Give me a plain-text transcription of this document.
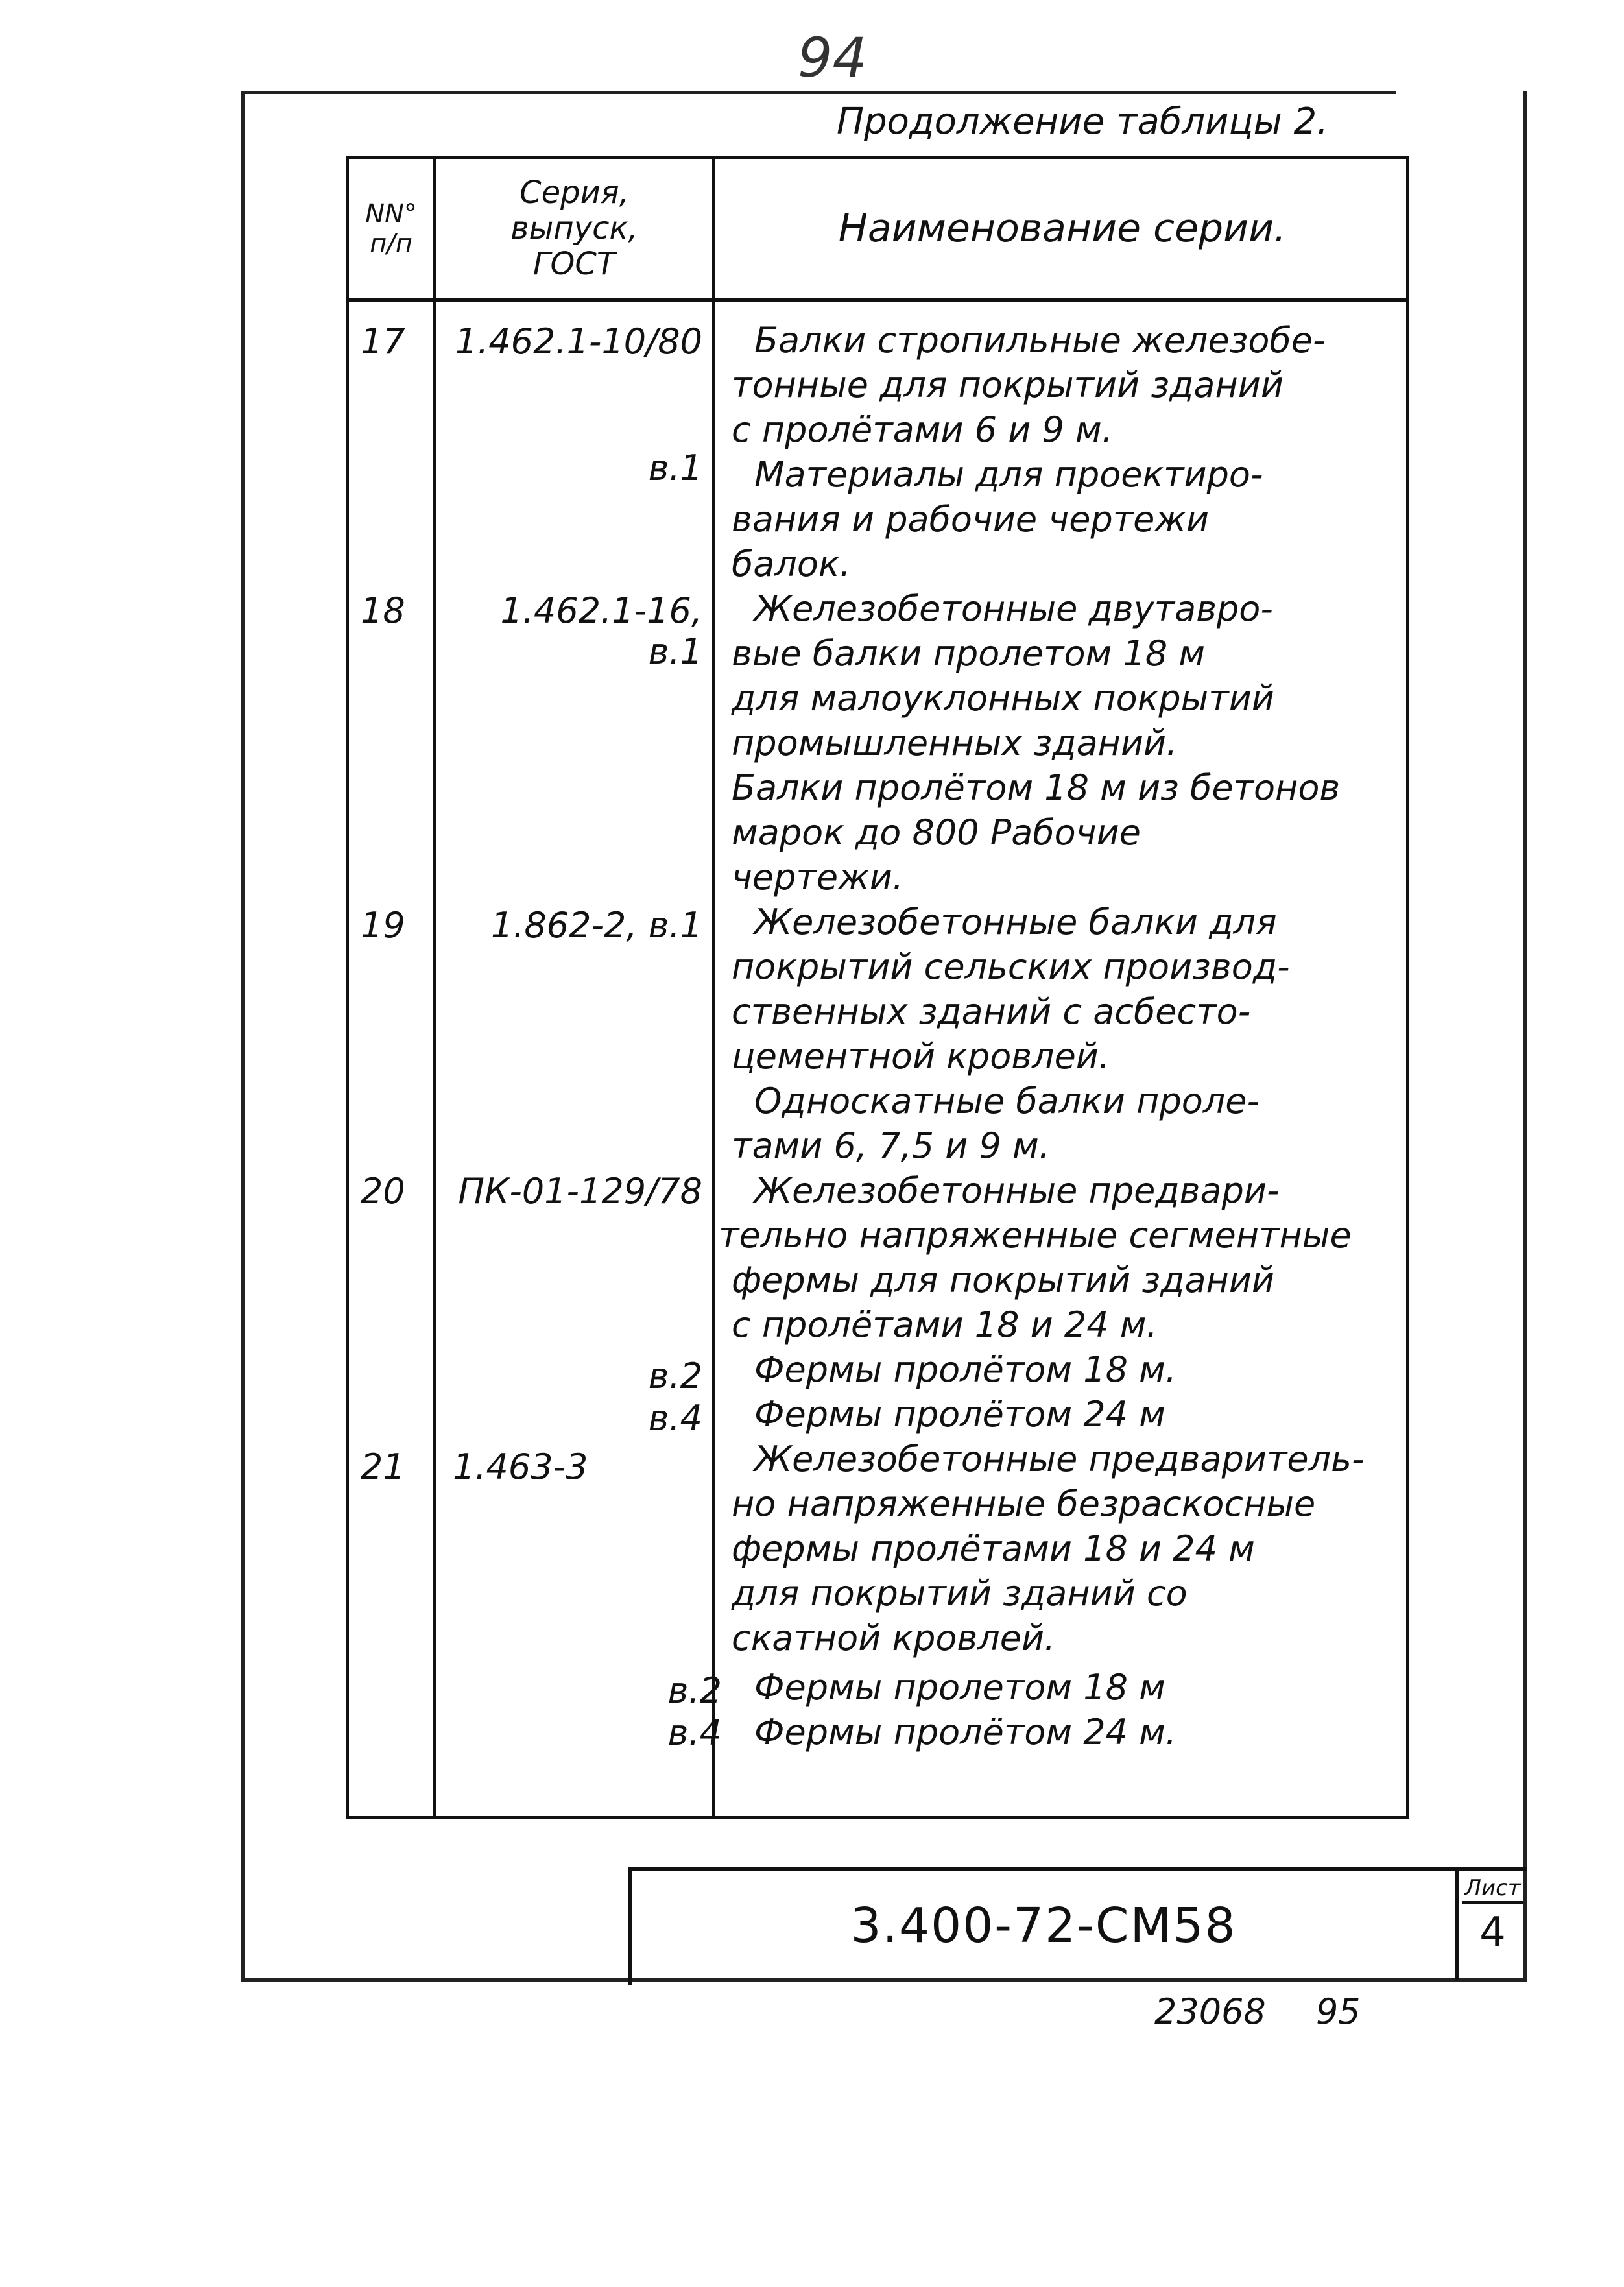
94
Продолжение таблицы 2.
NN°
п/п
Серия,
выпуск,
ГОСТ
Наименование серии.
17
18
19
20
21
1.462.1-10/80
в.1
1.462.1-16, в.1
1.862-2, в.1
ПК-01-129/78
в.2
в.4
1.463-3
в.2
в.4
Балки стропильные железобе-
тонные для покрытий зданий
с пролётами 6 и 9 м.
Материалы для проектиро-
вания и рабочие чертежи
балок.
Железобетонные двутавро-
вые балки пролетом 18 м
для малоуклонных покрытий
промышленных зданий.
Балки пролётом 18 м из бетонов
марок до 800 Рабочие
чертежи.
Железобетонные балки для
покрытий сельских производ-
ственных зданий с асбесто-
цементной кровлей.
Односкатные балки проле-
тами 6, 7,5 и 9 м.
Железобетонные предвари-
тельно напряженные сегментные
фермы для покрытий зданий
с пролётами 18 и 24 м.
Фермы пролётом 18 м.
Фермы пролётом 24 м
Железобетонные предваритель-
но напряженные безраскосные
фермы пролётами 18 и 24 м
для покрытий зданий со
скатной кровлей.
Фермы пролетом 18 м
Фермы пролётом 24 м.
3.400-72-СМ58
Лист
4
23068 95
